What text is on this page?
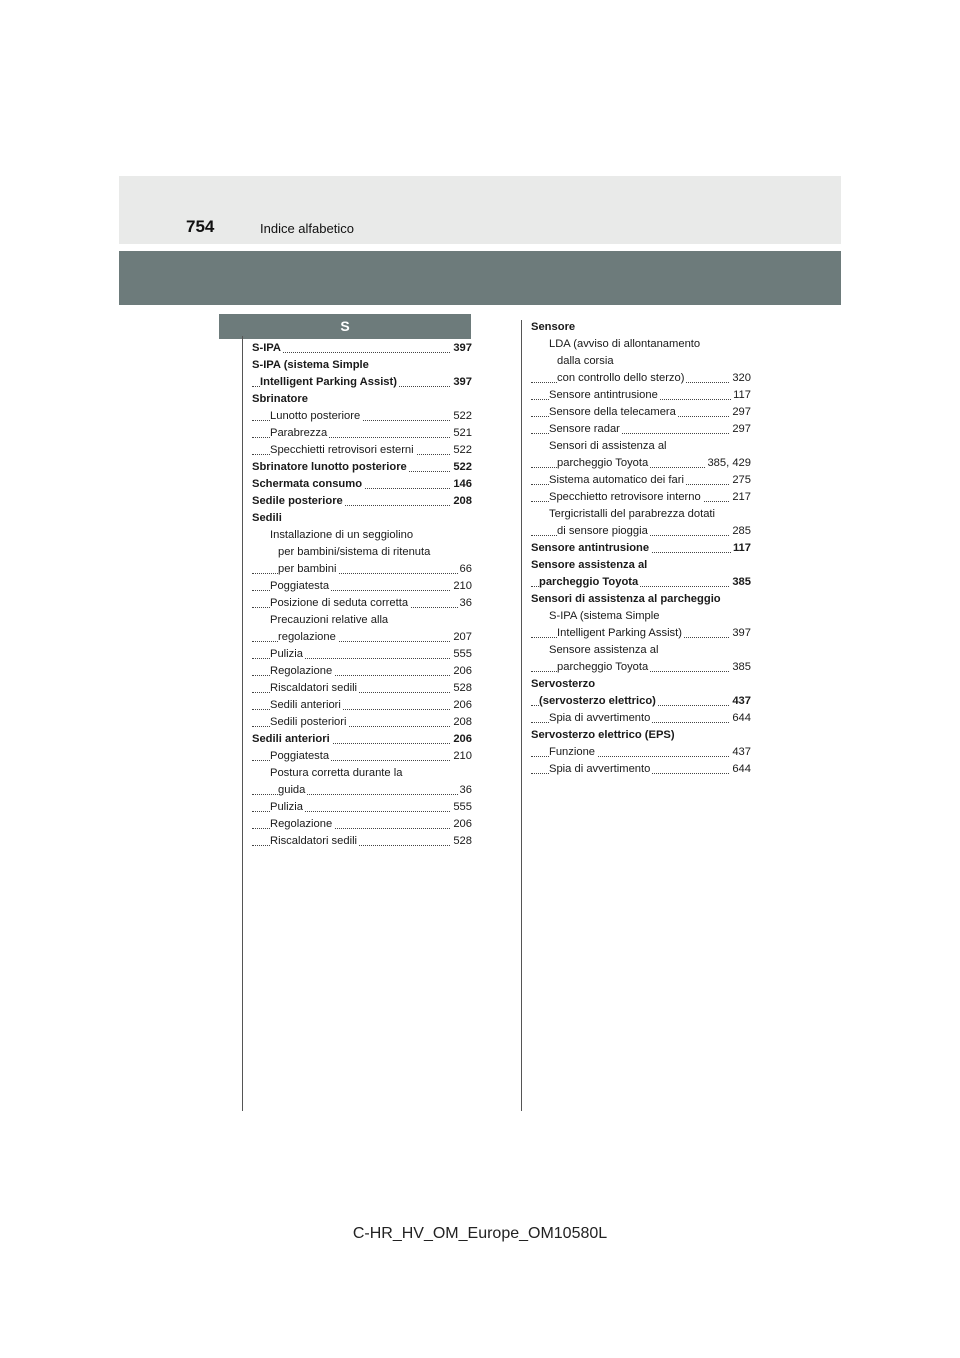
754	Indice alfabetico
S
S-IPA	397
S-IPA (sistema Simple
Intelligent Parking Assist)	397
Sbrinatore
Lunotto posteriore	522
Parabrezza	521
Specchietti retrovisori esterni	522
Sbrinatore lunotto posteriore	522
Schermata consumo	146
Sedile posteriore	208
Sedili
Installazione di un seggiolino
per bambini/sistema di ritenuta
per bambini	66
Poggiatesta	210
Posizione di seduta corretta	36
Precauzioni relative alla
regolazione	207
Pulizia	555
Regolazione	206
Riscaldatori sedili	528
Sedili anteriori	206
Sedili posteriori	208
Sedili anteriori	206
Poggiatesta	210
Postura corretta durante la
guida	36
Pulizia	555
Regolazione	206
Riscaldatori sedili	528
Sensore
LDA (avviso di allontanamento
dalla corsia
con controllo dello sterzo)	320
Sensore antintrusione	117
Sensore della telecamera	297
Sensore radar	297
Sensori di assistenza al
parcheggio Toyota	385, 429
Sistema automatico dei fari	275
Specchietto retrovisore interno	217
Tergicristalli del parabrezza dotati
di sensore pioggia	285
Sensore antintrusione	117
Sensore assistenza al
parcheggio Toyota	385
Sensori di assistenza al parcheggio
S-IPA (sistema Simple
Intelligent Parking Assist)	397
Sensore assistenza al
parcheggio Toyota	385
Servosterzo
(servosterzo elettrico)	437
Spia di avvertimento	644
Servosterzo elettrico (EPS)
Funzione	437
Spia di avvertimento	644
C-HR_HV_OM_Europe_OM10580L
